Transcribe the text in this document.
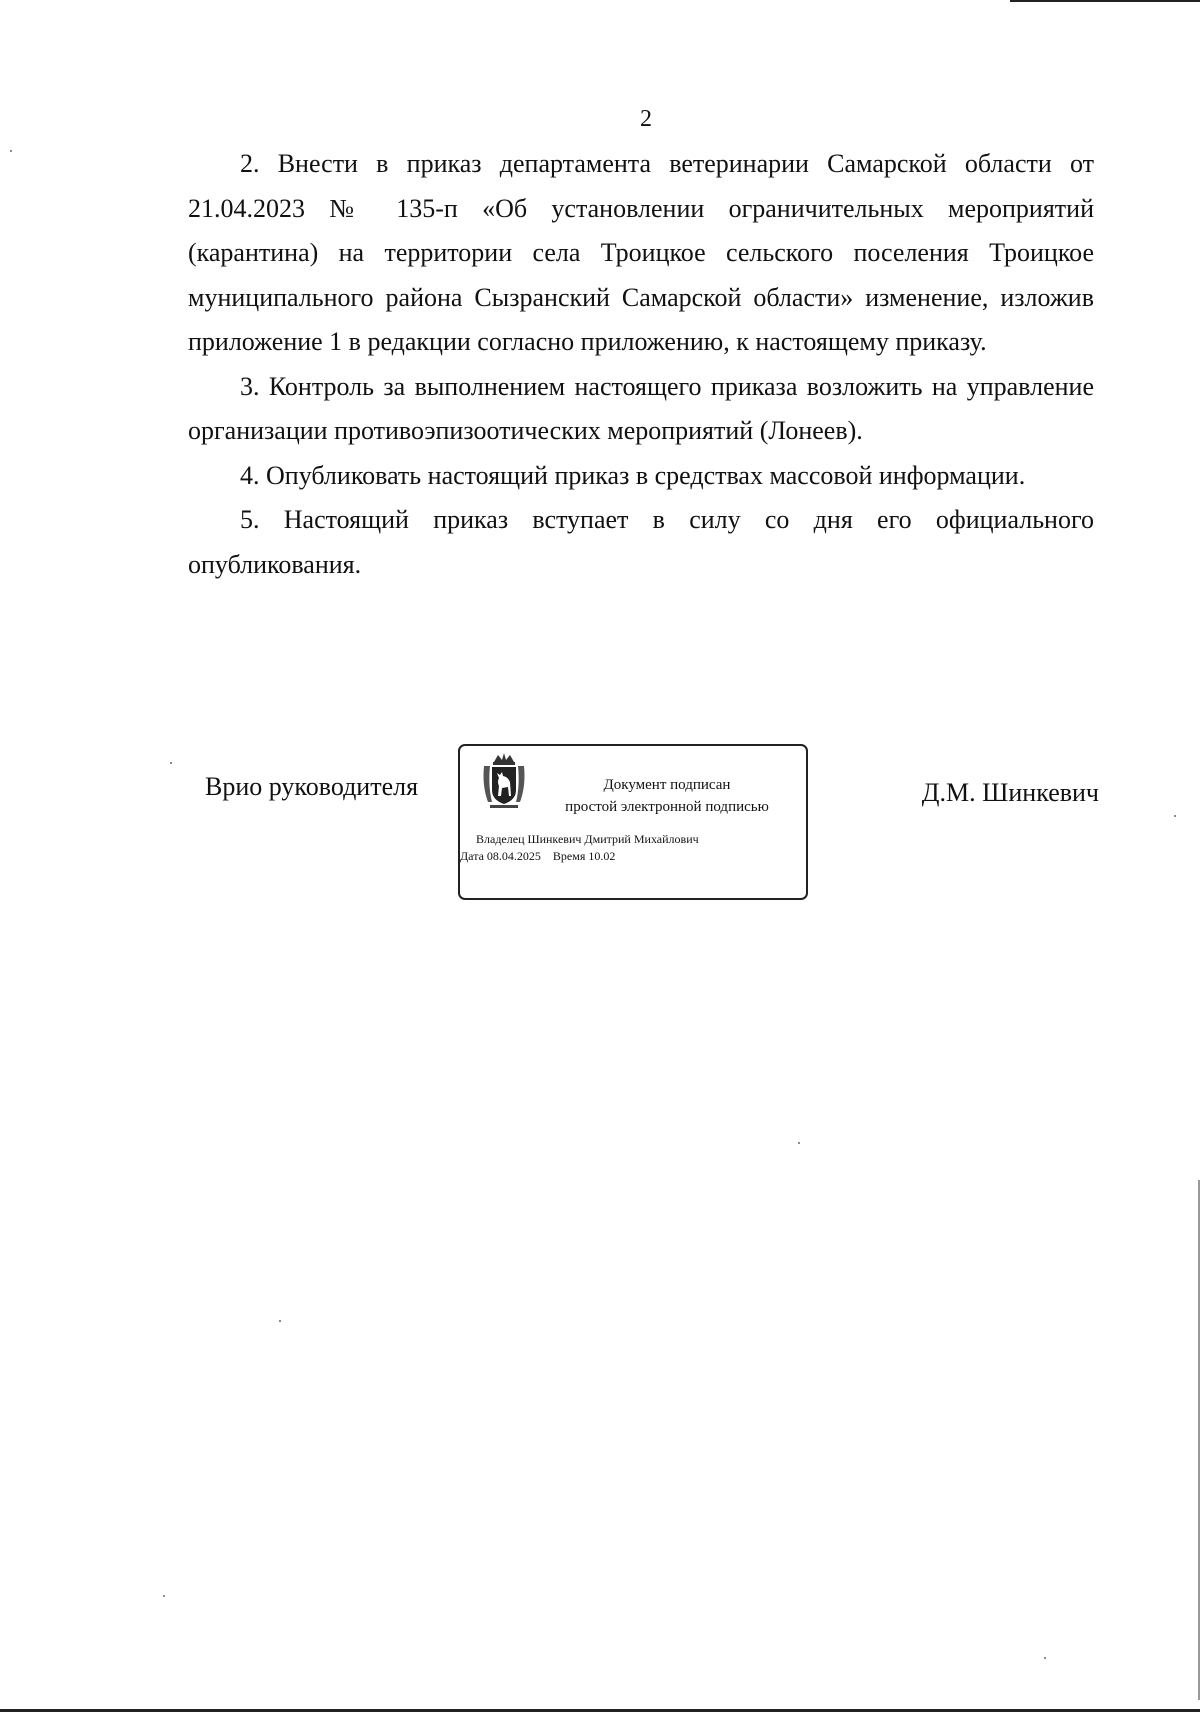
2

2. Внести в приказ департамента ветеринарии Самарской области от 21.04.2023 № 135-п «Об установлении ограничительных мероприятий (карантина) на территории села Троицкое сельского поселения Троицкое муниципального района Сызранский Самарской области» изменение, изложив приложение 1 в редакции согласно приложению, к настоящему приказу.

3. Контроль за выполнением настоящего приказа возложить на управление организации противоэпизоотических мероприятий (Лонеев).

4. Опубликовать настоящий приказ в средствах массовой информации.

5. Настоящий приказ вступает в силу со дня его официального опубликования.

Врио руководителя	Документ подписан
простой электронной подписью
Владелец Шинкевич Дмитрий Михайлович
Дата 08.04.2025 Время 10.02
Д.М. Шинкевич
